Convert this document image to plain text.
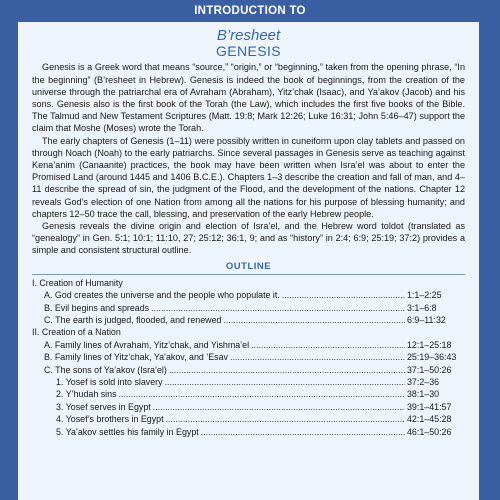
INTRODUCTION TO
B’resheet
GENESIS

Genesis is a Greek word that means “source,” “origin,” or “beginning,” taken from the opening phrase, “In the beginning” (B’resheet in Hebrew). Genesis is indeed the book of beginnings, from the creation of the universe through the patriarchal era of Avraham (Abraham), Yitz’chak (Isaac), and Ya’akov (Jacob) and his sons. Genesis also is the first book of the Torah (the Law), which includes the first five books of the Bible. The Talmud and New Testament Scriptures (Matt. 19:8; Mark 12:26; Luke 16:31; John 5:46–47) support the claim that Moshe (Moses) wrote the Torah.

The early chapters of Genesis (1–11) were possibly written in cuneiform upon clay tablets and passed on through Noach (Noah) to the early patriarchs. Since several passages in Genesis serve as teaching against Kena’anim (Canaanite) practices, the book may have been written when Isra’el was about to enter the Promised Land (around 1445 and 1406 B.C.E.). Chapters 1–3 describe the creation and fall of man, and 4–11 describe the spread of sin, the judgment of the Flood, and the development of the nations. Chapter 12 reveals God’s election of one Nation from among all the nations for his purpose of blessing humanity; and chapters 12–50 trace the call, blessing, and preservation of the early Hebrew people.

Genesis reveals the divine origin and election of Isra’el, and the Hebrew word toldot (translated as “genealogy” in Gen. 5:1; 10:1; 11:10, 27; 25:12; 36:1, 9; and as “history” in 2:4; 6:9; 25:19; 37:2) provides a simple and consistent structural outline.

OUTLINE
I. Creation of Humanity
A. God creates the universe and the people who populate it. .....	1:1–2:25
B. Evil begins and spreads .....	3:1–6:8
C. The earth is judged, flooded, and renewed .....	6:9–11:32
II. Creation of a Nation
A. Family lines of Avraham, Yitz’chak, and Yishma’el .....	12:1–25:18
B. Family lines of Yitz’chak, Ya’akov, and ’Esav .....	25:19–36:43
C. The sons of Ya’akov (Isra’el) .....	37:1–50:26
1. Yosef is sold into slavery .....	37:2–36
2. Y’hudah sins .....	38:1–30
3. Yosef serves in Egypt .....	39:1–41:57
4. Yosef’s brothers in Egypt .....	42:1–45:28
5. Ya’akov settles his family in Egypt .....	46:1–50:26
